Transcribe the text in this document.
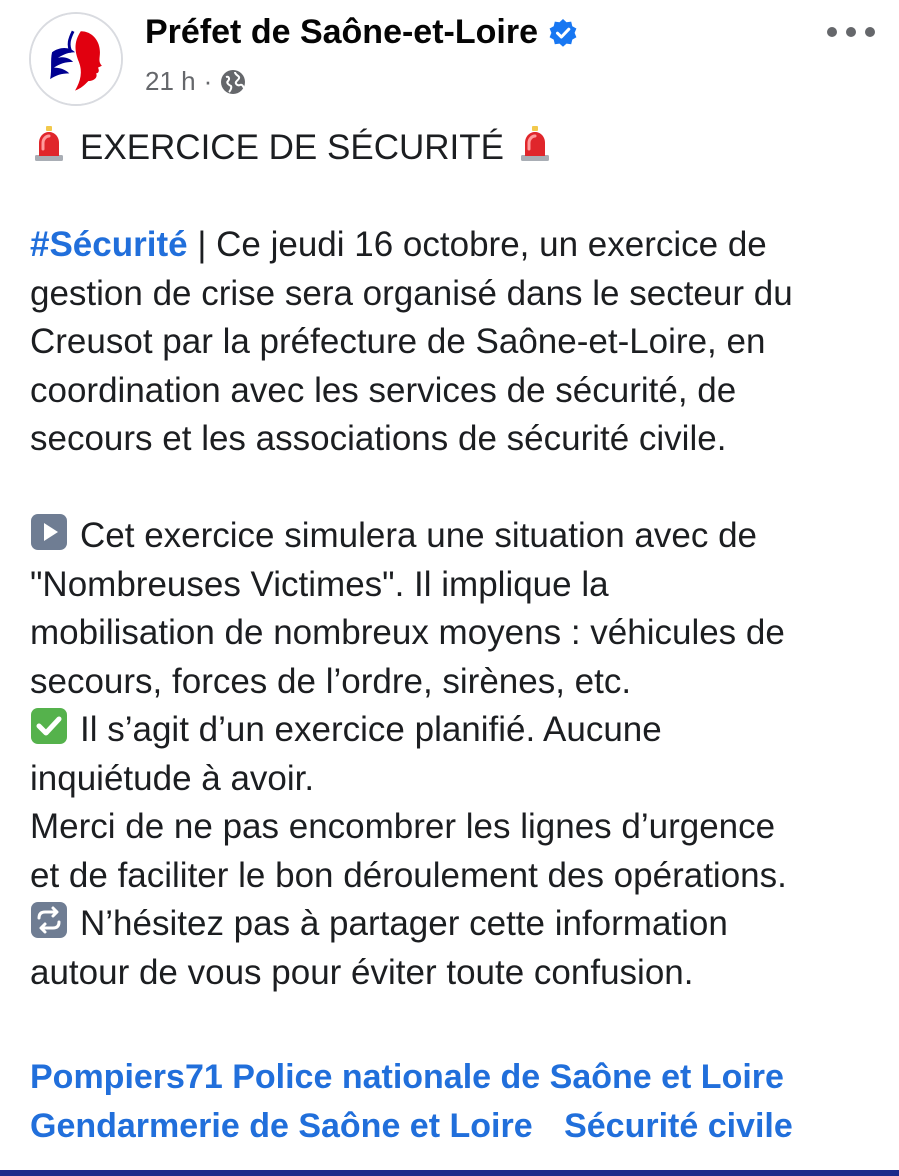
Préfet de Saône-et-Loire
21 h ·
EXERCICE DE SÉCURITÉ
#Sécurité | Ce jeudi 16 octobre, un exercice de
gestion de crise sera organisé dans le secteur du
Creusot par la préfecture de Saône-et-Loire, en
coordination avec les services de sécurité, de
secours et les associations de sécurité civile.
Cet exercice simulera une situation avec de
"Nombreuses Victimes". Il implique la
mobilisation de nombreux moyens : véhicules de
secours, forces de l’ordre, sirènes, etc.
Il s’agit d’un exercice planifié. Aucune
inquiétude à avoir.
Merci de ne pas encombrer les lignes d’urgence
et de faciliter le bon déroulement des opérations.
N’hésitez pas à partager cette information
autour de vous pour éviter toute confusion.
Pompiers71 Police nationale de Saône et Loire
Gendarmerie de Saône et Loire Sécurité civile
